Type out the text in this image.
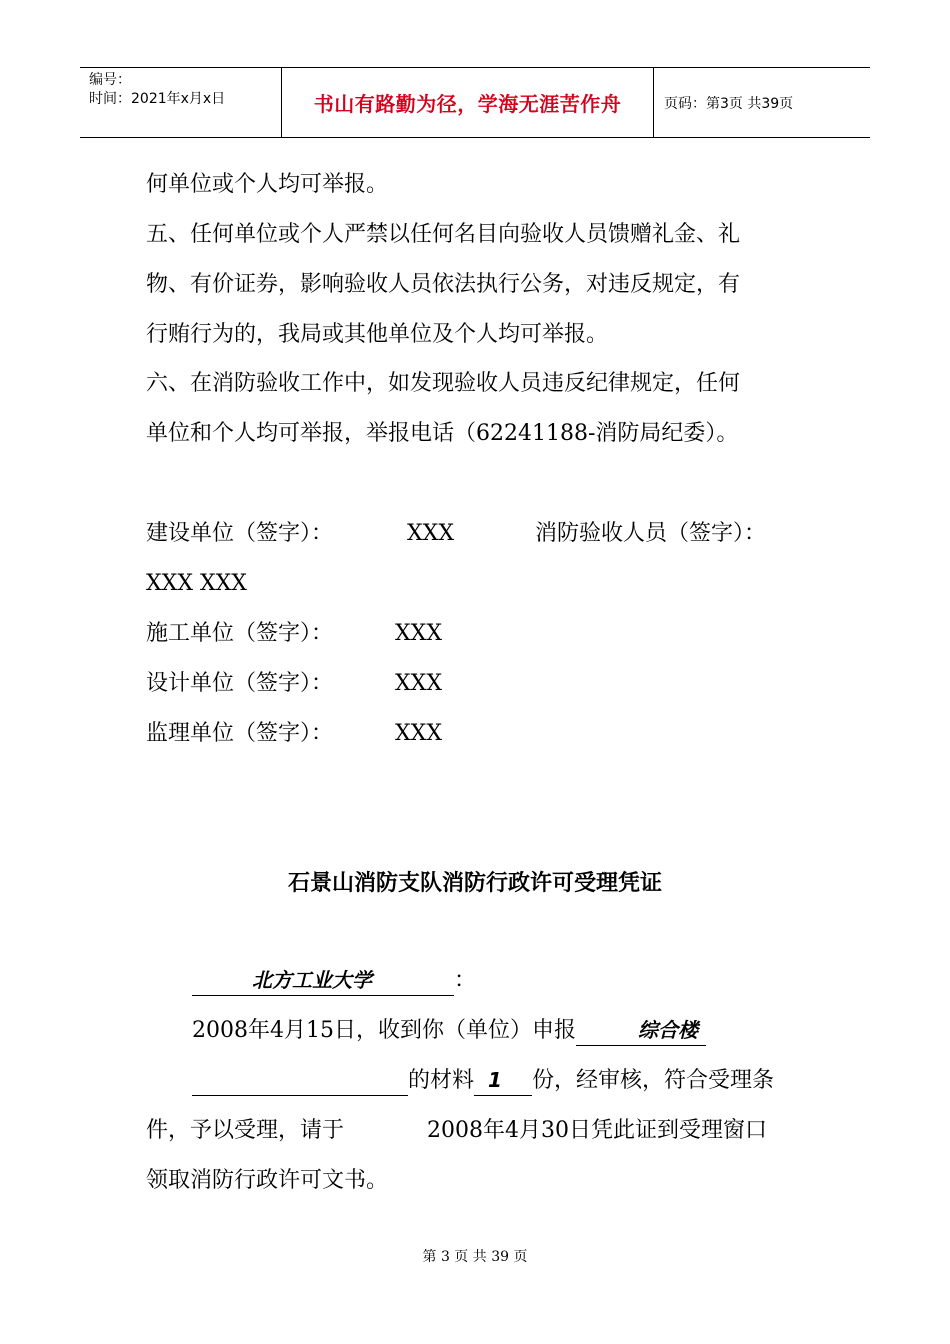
编号：
时间：2021年x月x日	书山有路勤为径，学海无涯苦作舟	页码：第3页 共39页
何单位或个人均可举报。
五、任何单位或个人严禁以任何名目向验收人员馈赠礼金、礼
物、有价证券，影响验收人员依法执行公务，对违反规定，有
行贿行为的，我局或其他单位及个人均可举报。
六、在消防验收工作中，如发现验收人员违反纪律规定，任何
单位和个人均可举报，举报电话（62241188-消防局纪委）。
建设单位（签字）：	XXX	消防验收人员（签字）：
XXX XXX
施工单位（签字）：	XXX
设计单位（签字）：	XXX
监理单位（签字）：	XXX
石景山消防支队消防行政许可受理凭证
北方工业大学	：
2008年4月15日，收到你（单位）申报	综合楼
的材料 1 份，经审核，符合受理条
件，予以受理，请于	2008年4月30日凭此证到受理窗口
领取消防行政许可文书。
第 3 页 共 39 页
